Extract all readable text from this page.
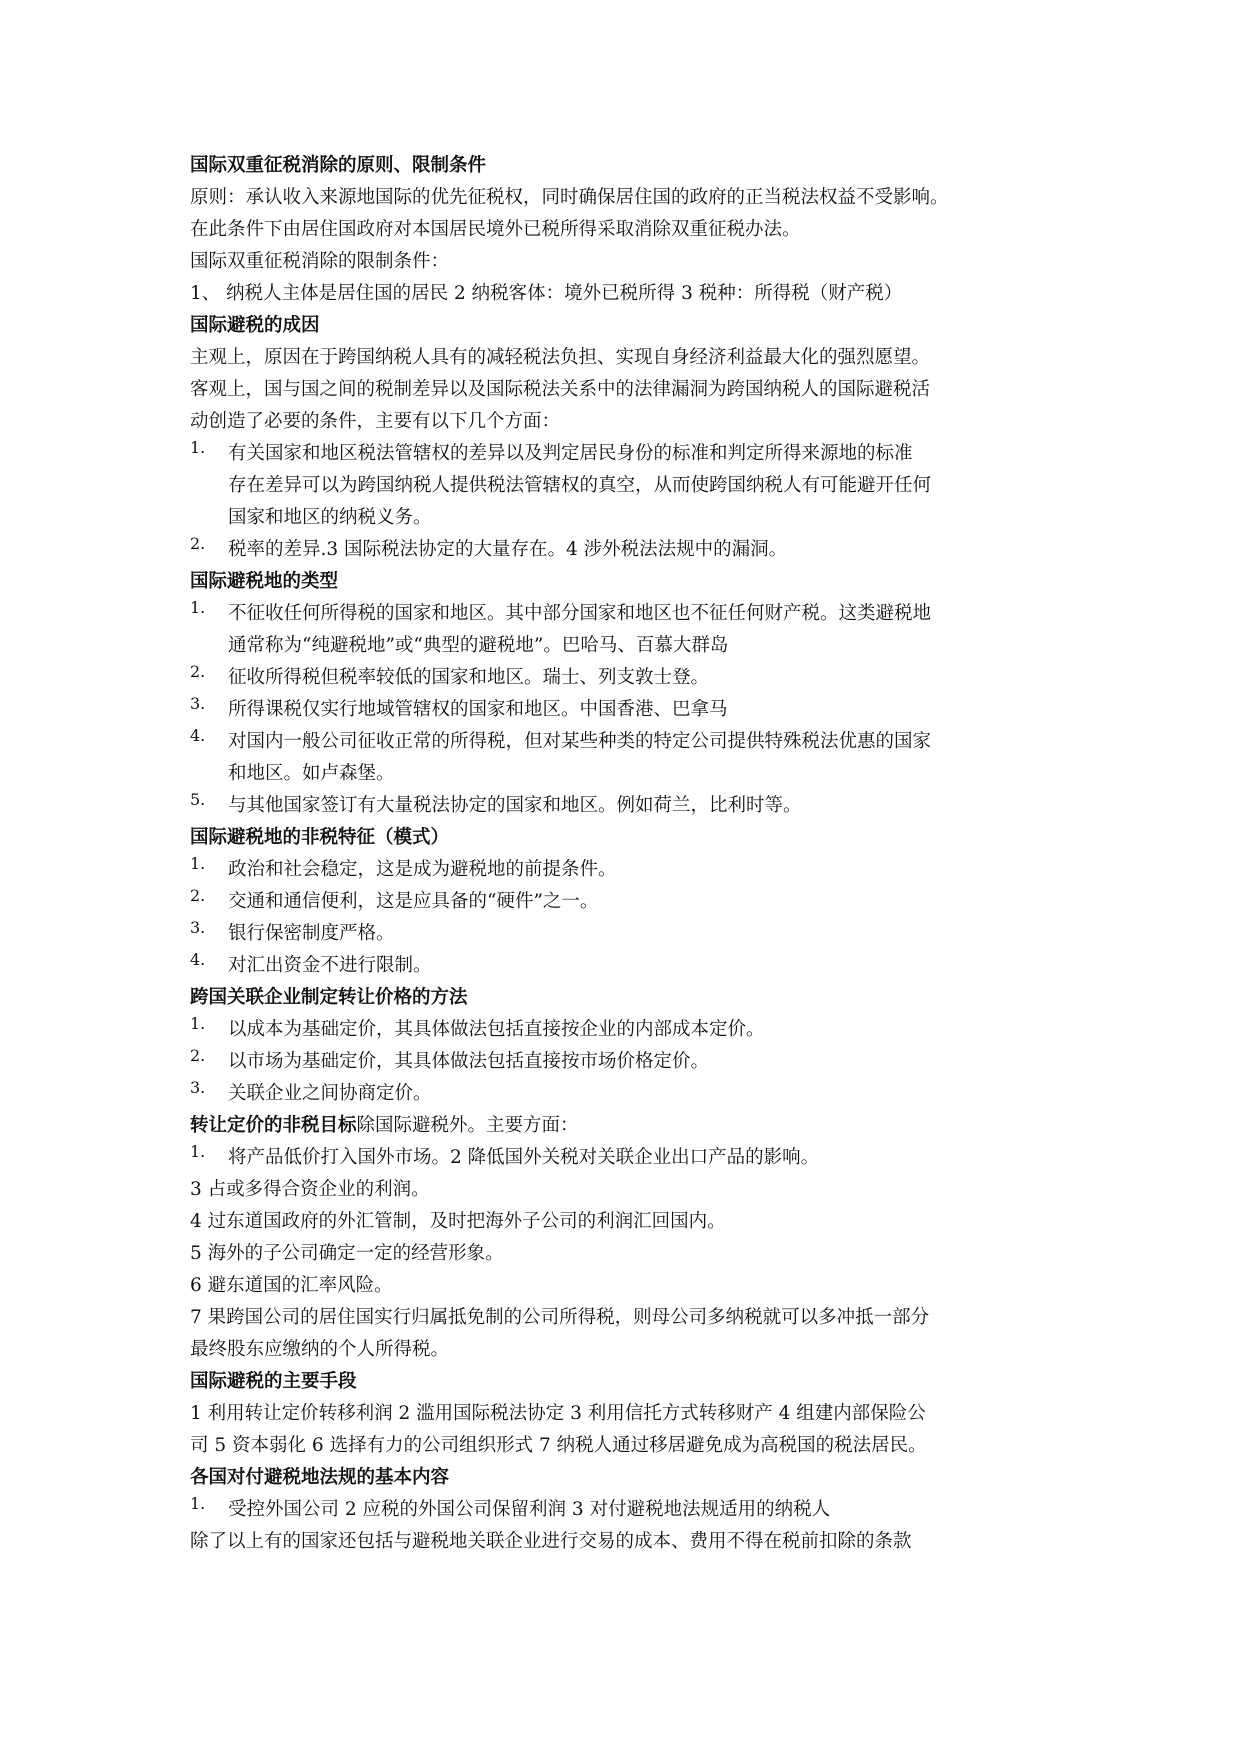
国际双重征税消除的原则、限制条件
原则：承认收入来源地国际的优先征税权，同时确保居住国的政府的正当税法权益不受影响。
在此条件下由居住国政府对本国居民境外已税所得采取消除双重征税办法。
国际双重征税消除的限制条件：
1、 纳税人主体是居住国的居民 2 纳税客体：境外已税所得 3 税种：所得税（财产税）
国际避税的成因
主观上，原因在于跨国纳税人具有的减轻税法负担、实现自身经济利益最大化的强烈愿望。
客观上，国与国之间的税制差异以及国际税法关系中的法律漏洞为跨国纳税人的国际避税活
动创造了必要的条件，主要有以下几个方面：
1. 有关国家和地区税法管辖权的差异以及判定居民身份的标准和判定所得来源地的标准
存在差异可以为跨国纳税人提供税法管辖权的真空，从而使跨国纳税人有可能避开任何
国家和地区的纳税义务。
2. 税率的差异.3 国际税法协定的大量存在。4 涉外税法法规中的漏洞。
国际避税地的类型
1. 不征收任何所得税的国家和地区。其中部分国家和地区也不征任何财产税。这类避税地
通常称为“纯避税地”或“典型的避税地”。巴哈马、百慕大群岛
2. 征收所得税但税率较低的国家和地区。瑞士、列支敦士登。
3. 所得课税仅实行地域管辖权的国家和地区。中国香港、巴拿马
4. 对国内一般公司征收正常的所得税，但对某些种类的特定公司提供特殊税法优惠的国家
和地区。如卢森堡。
5. 与其他国家签订有大量税法协定的国家和地区。例如荷兰，比利时等。
国际避税地的非税特征（模式）
1. 政治和社会稳定，这是成为避税地的前提条件。
2. 交通和通信便利，这是应具备的“硬件”之一。
3. 银行保密制度严格。
4. 对汇出资金不进行限制。
跨国关联企业制定转让价格的方法
1. 以成本为基础定价，其具体做法包括直接按企业的内部成本定价。
2. 以市场为基础定价，其具体做法包括直接按市场价格定价。
3. 关联企业之间协商定价。
转让定价的非税目标除国际避税外。主要方面：
1. 将产品低价打入国外市场。2 降低国外关税对关联企业出口产品的影响。
3 占或多得合资企业的利润。
4 过东道国政府的外汇管制，及时把海外子公司的利润汇回国内。
5 海外的子公司确定一定的经营形象。
6 避东道国的汇率风险。
7 果跨国公司的居住国实行归属抵免制的公司所得税，则母公司多纳税就可以多冲抵一部分
最终股东应缴纳的个人所得税。
国际避税的主要手段
1 利用转让定价转移利润 2 滥用国际税法协定 3 利用信托方式转移财产 4 组建内部保险公
司 5 资本弱化 6 选择有力的公司组织形式 7 纳税人通过移居避免成为高税国的税法居民。
各国对付避税地法规的基本内容
1. 受控外国公司 2 应税的外国公司保留利润 3 对付避税地法规适用的纳税人
除了以上有的国家还包括与避税地关联企业进行交易的成本、费用不得在税前扣除的条款
